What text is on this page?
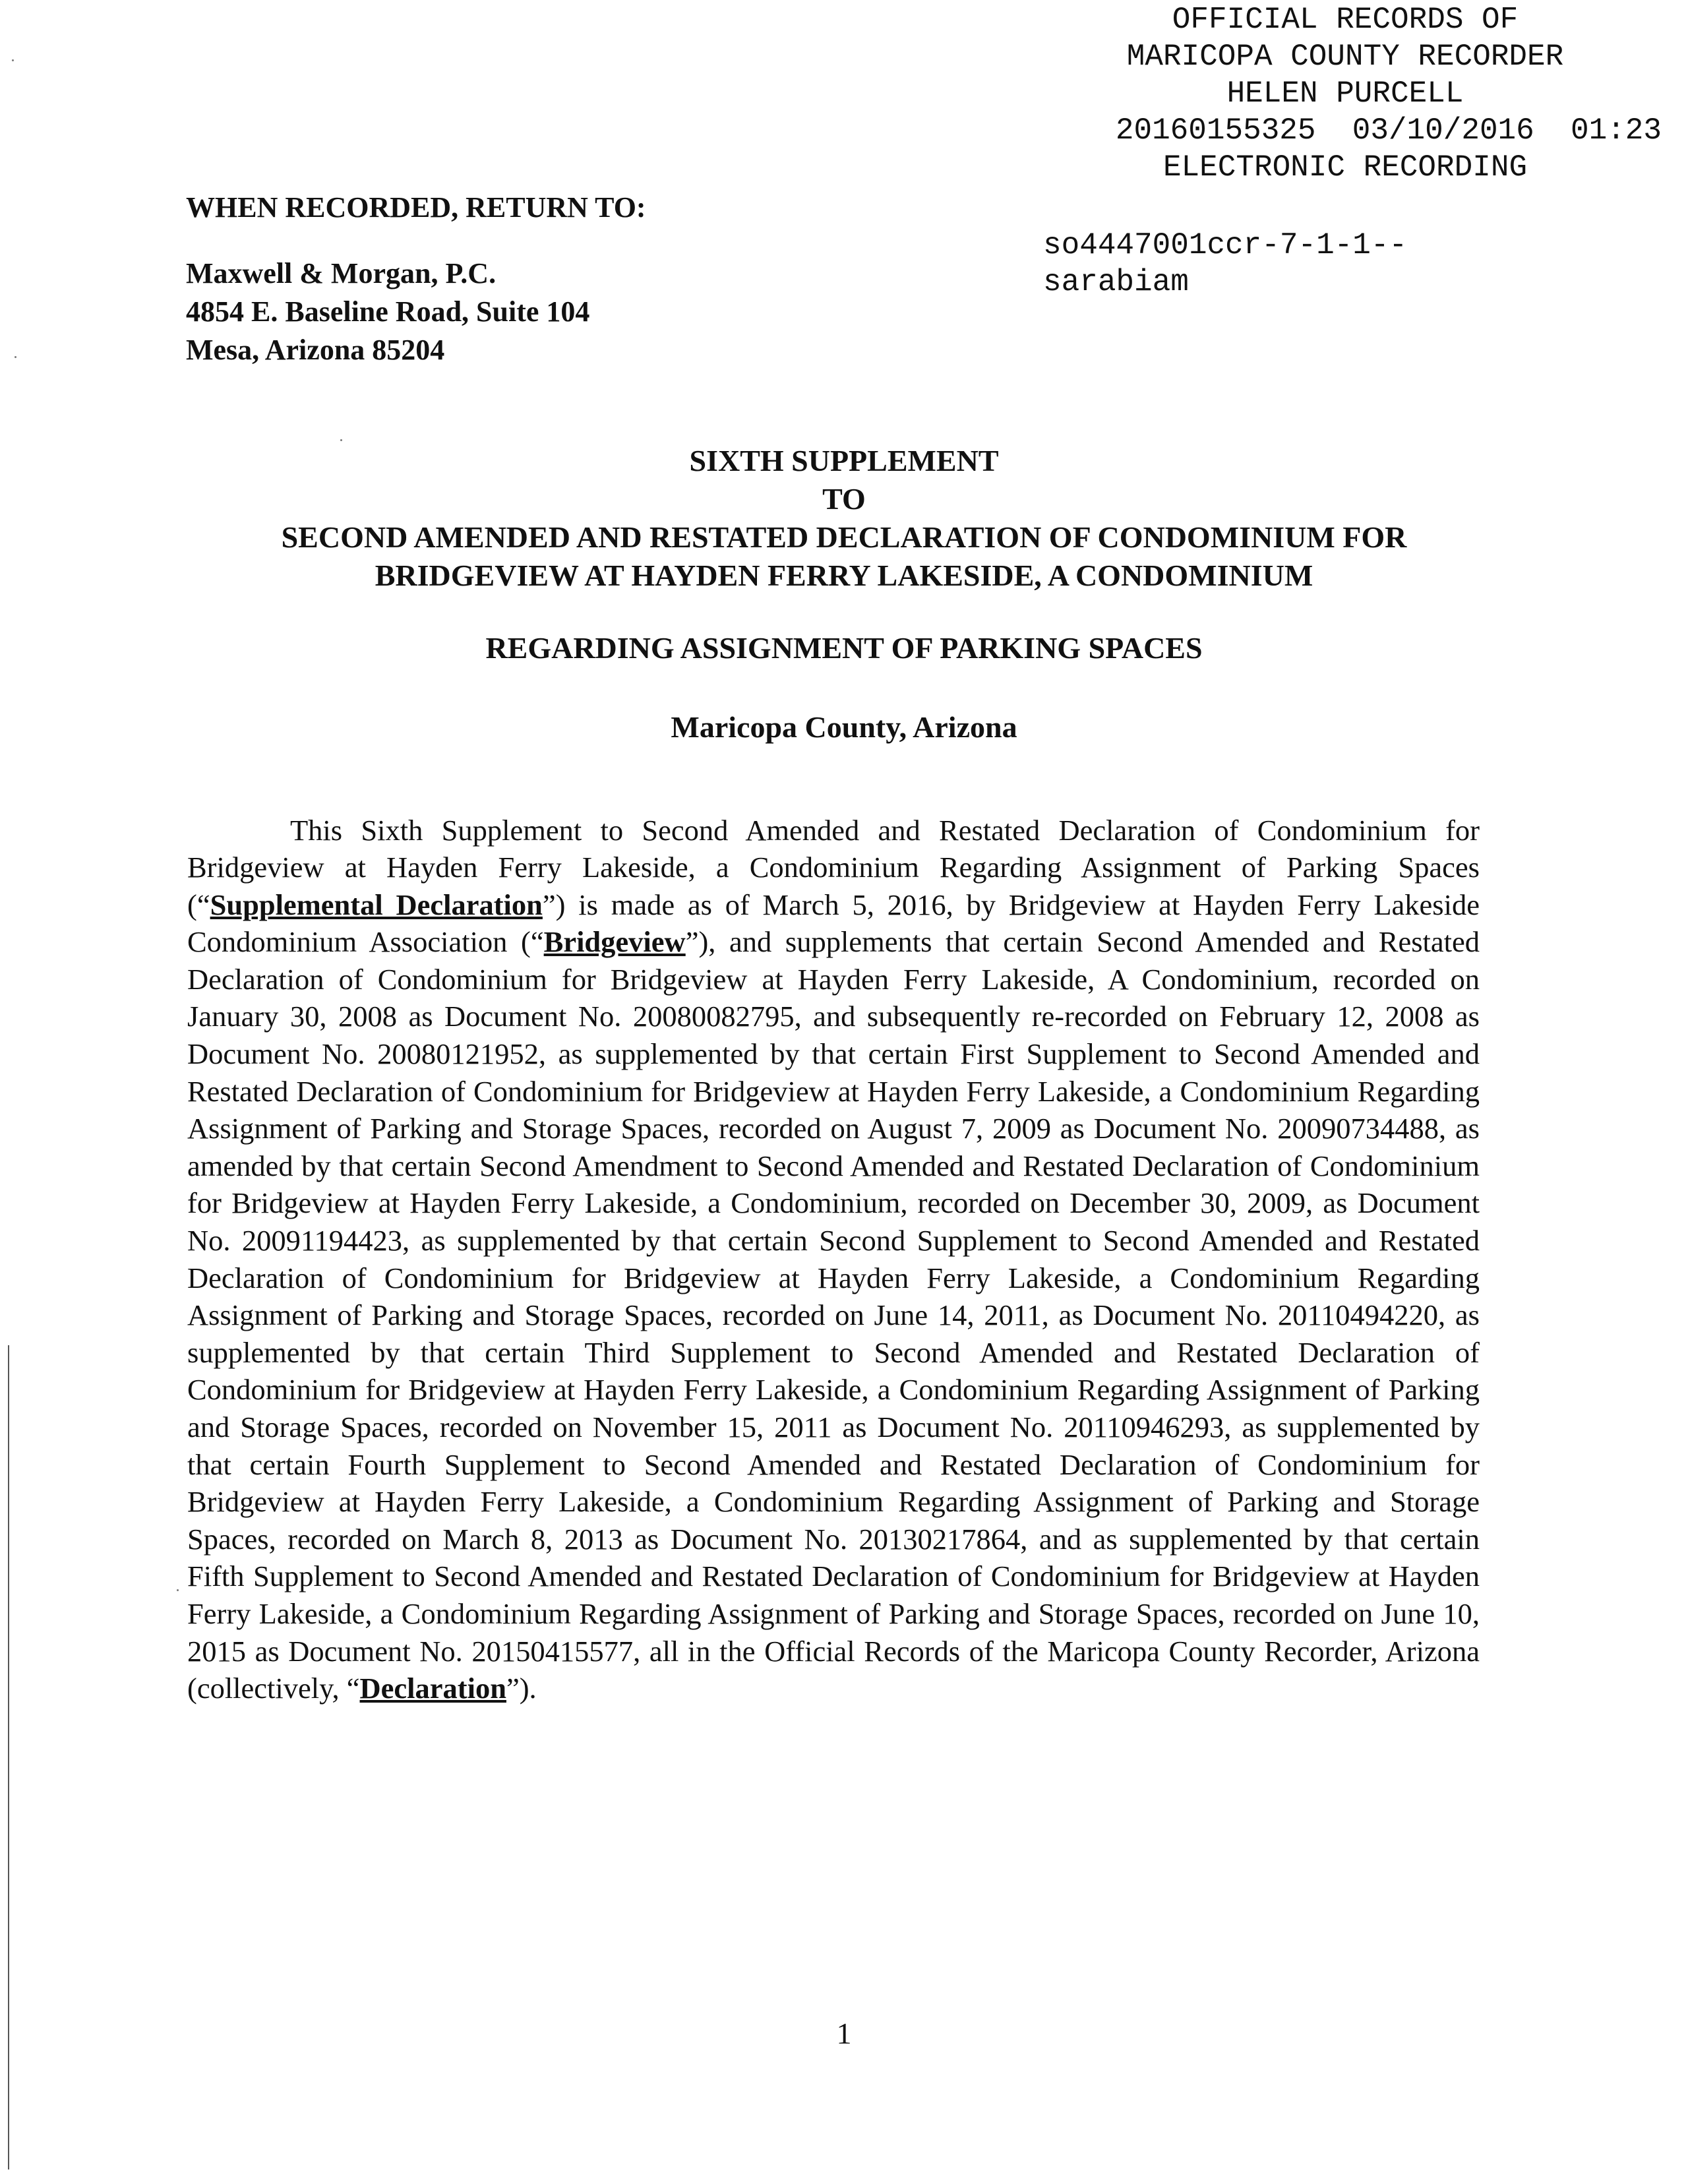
OFFICIAL RECORDS OF
MARICOPA COUNTY RECORDER
HELEN PURCELL
20160155325  03/10/2016  01:23
ELECTRONIC RECORDING
so4447001ccr-7-1-1--
sarabiam
WHEN RECORDED, RETURN TO:
Maxwell & Morgan, P.C.
4854 E. Baseline Road, Suite 104
Mesa, Arizona 85204
SIXTH SUPPLEMENT
TO
SECOND AMENDED AND RESTATED DECLARATION OF CONDOMINIUM FOR
BRIDGEVIEW AT HAYDEN FERRY LAKESIDE, A CONDOMINIUM
REGARDING ASSIGNMENT OF PARKING SPACES
Maricopa County, Arizona

This Sixth Supplement to Second Amended and Restated Declaration of Condominium for Bridgeview at Hayden Ferry Lakeside, a Condominium Regarding Assignment of Parking Spaces (“Supplemental Declaration”) is made as of March 5, 2016, by Bridgeview at Hayden Ferry Lakeside Condominium Association (“Bridgeview”), and supplements that certain Second Amended and Restated Declaration of Condominium for Bridgeview at Hayden Ferry Lakeside, A Condominium, recorded on January 30, 2008 as Document No. 20080082795, and subsequently re-recorded on February 12, 2008 as Document No. 20080121952, as supplemented by that certain First Supplement to Second Amended and Restated Declaration of Condominium for Bridgeview at Hayden Ferry Lakeside, a Condominium Regarding Assignment of Parking and Storage Spaces, recorded on August 7, 2009 as Document No. 20090734488, as amended by that certain Second Amendment to Second Amended and Restated Declaration of Condominium for Bridgeview at Hayden Ferry Lakeside, a Condominium, recorded on December 30, 2009, as Document No. 20091194423, as supplemented by that certain Second Supplement to Second Amended and Restated Declaration of Condominium for Bridgeview at Hayden Ferry Lakeside, a Condominium Regarding Assignment of Parking and Storage Spaces, recorded on June 14, 2011, as Document No. 20110494220, as supplemented by that certain Third Supplement to Second Amended and Restated Declaration of Condominium for Bridgeview at Hayden Ferry Lakeside, a Condominium Regarding Assignment of Parking and Storage Spaces, recorded on November 15, 2011 as Document No. 20110946293, as supplemented by that certain Fourth Supplement to Second Amended and Restated Declaration of Condominium for Bridgeview at Hayden Ferry Lakeside, a Condominium Regarding Assignment of Parking and Storage Spaces, recorded on March 8, 2013 as Document No. 20130217864, and as supplemented by that certain Fifth Supplement to Second Amended and Restated Declaration of Condominium for Bridgeview at Hayden Ferry Lakeside, a Condominium Regarding Assignment of Parking and Storage Spaces, recorded on June 10, 2015 as Document No. 20150415577, all in the Official Records of the Maricopa County Recorder, Arizona (collectively, “Declaration”).

1
